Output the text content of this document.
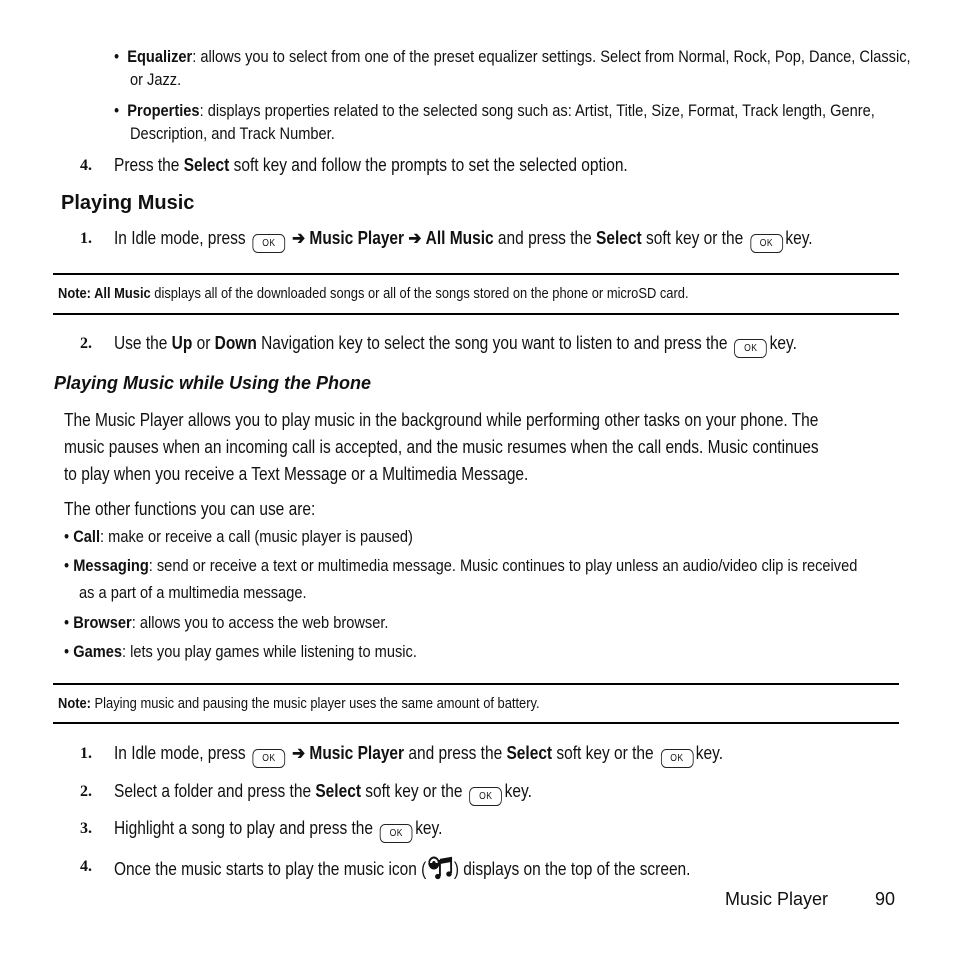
•  Equalizer: allows you to select from one of the preset equalizer settings. Select from Normal, Rock, Pop, Dance, Classic,
or Jazz.
•  Properties: displays properties related to the selected song such as: Artist, Title, Size, Format, Track length, Genre,
Description, and Track Number.
4. Press the Select soft key and follow the prompts to set the selected option.
Playing Music
1. In Idle mode, press OK ➔ Music Player ➔ All Music and press the Select soft key or the OK key.
Note: All Music displays all of the downloaded songs or all of the songs stored on the phone or microSD card.
2. Use the Up or Down Navigation key to select the song you want to listen to and press the OK key.
Playing Music while Using the Phone
The Music Player allows you to play music in the background while performing other tasks on your phone. The
music pauses when an incoming call is accepted, and the music resumes when the call ends. Music continues
to play when you receive a Text Message or a Multimedia Message.
The other functions you can use are:
• Call: make or receive a call (music player is paused)
• Messaging: send or receive a text or multimedia message. Music continues to play unless an audio/video clip is received
as a part of a multimedia message.
• Browser: allows you to access the web browser.
• Games: lets you play games while listening to music.
Note: Playing music and pausing the music player uses the same amount of battery.
1. In Idle mode, press OK ➔ Music Player and press the Select soft key or the OK key.
2. Select a folder and press the Select soft key or the OK key.
3. Highlight a song to play and press the OK key.
4. Once the music starts to play the music icon ( ) displays on the top of the screen.
Music Player	90
